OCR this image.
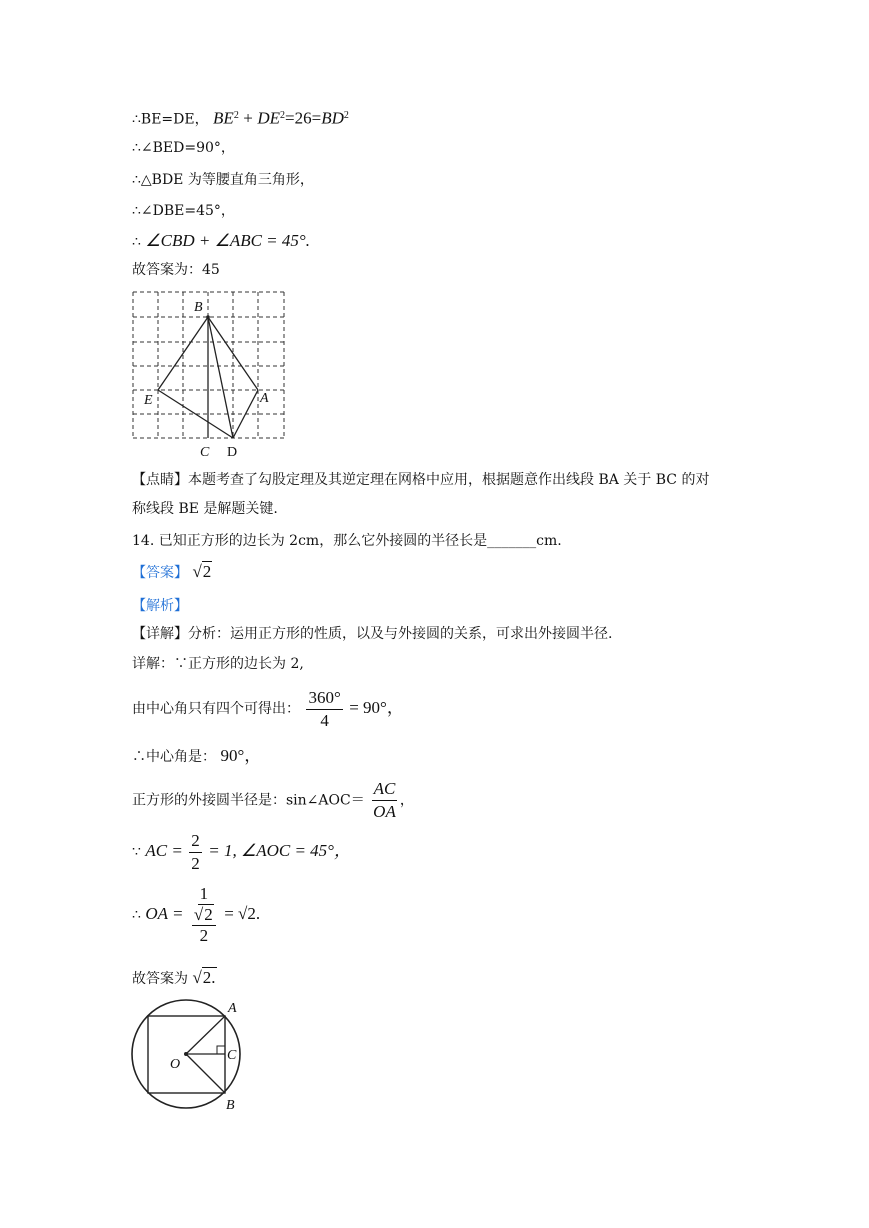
∴BE=DE， $BE^2 + DE^2=26=BD^2$
∴∠BED=90°，
∴△BDE 为等腰直角三角形，
∴∠DBE=45°，
∴ ∠CBD + ∠ABC = 45°.
故答案为：45
B
E	A
C D
【点睛】本题考查了勾股定理及其逆定理在网格中应用，根据题意作出线段 BA 关于 BC 的对
称线段 BE 是解题关键.
14. 已知正方形的边长为 2cm，那么它外接圆的半径长是_______cm.
【答案】 √2
【解析】
【详解】分析：运用正方形的性质，以及与外接圆的关系，可求出外接圆半径.
详解：∵正方形的边长为 2,
由中心角只有四个可得出： $\frac{360^\circ}{4} = 90^\circ$，
∴中心角是： 90°，
正方形的外接圆半径是：sin∠AOC＝ $\frac{AC}{OA}$ ，
∵ AC = $\frac{2}{2} = 1$, ∠AOC = 45°，
∴ OA = $\frac{1}{\frac{√2}{2}} = √2$.
故答案为 √2.
A
O
C
B
